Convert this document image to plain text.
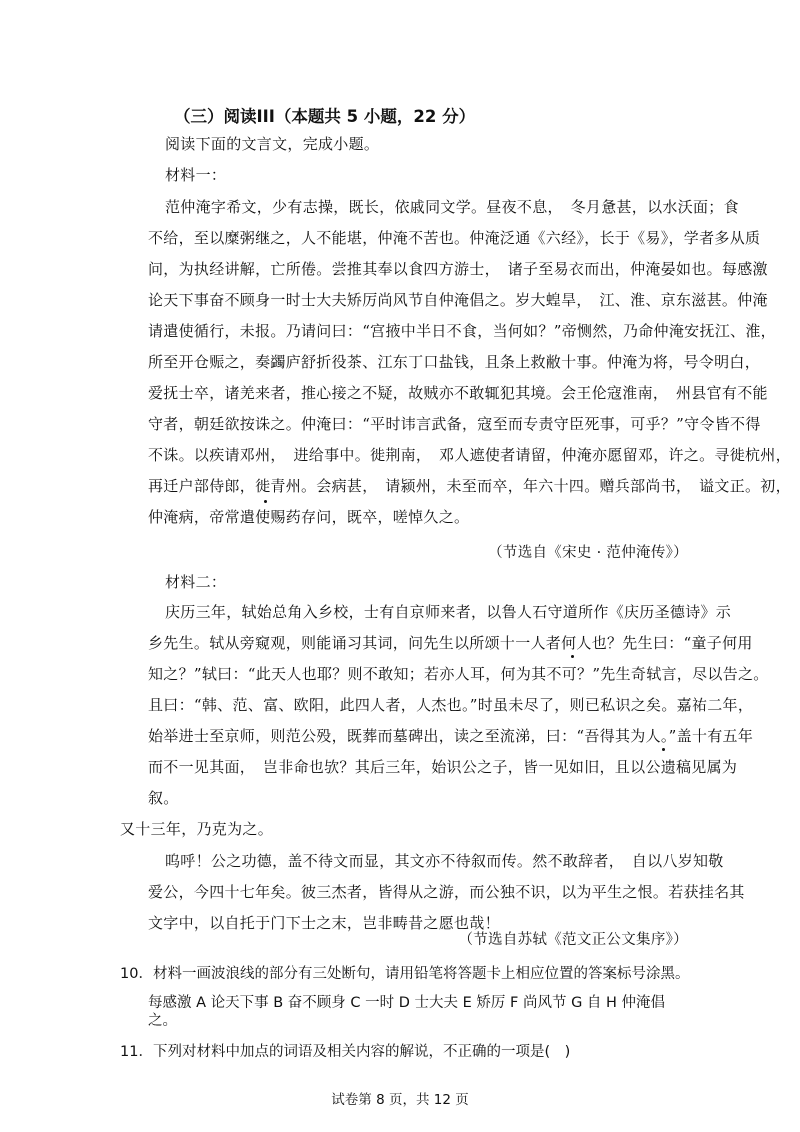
（三）阅读III（本题共 5 小题，22 分）
阅读下面的文言文，完成小题。
材料一：
范仲淹字希文，少有志操，既长，依戚同文学。昼夜不息，　冬月惫甚，以水沃面；食
不给，至以糜粥继之，人不能堪，仲淹不苦也。仲淹泛通《六经》，长于《易》，学者多从质
问，为执经讲解，亡所倦。尝推其奉以食四方游士，　诸子至易衣而出，仲淹晏如也。每感激
论天下事奋不顾身一时士大夫矫厉尚风节自仲淹倡之。岁大蝗旱，　江、淮、京东滋甚。仲淹
请遣使循行，未报。乃请问曰：“宫掖中半日不食，当何如？”帝恻然，乃命仲淹安抚江、淮，
所至开仓赈之，奏蠲庐舒折役茶、江东丁口盐钱，且条上救敝十事。仲淹为将，号令明白，
爱抚士卒，诸羌来者，推心接之不疑，故贼亦不敢辄犯其境。会王伦寇淮南，　州县官有不能
守者，朝廷欲按诛之。仲淹曰：“平时讳言武备，寇至而专责守臣死事，可乎？”守令皆不得
不诛。以疾请邓州，　进给事中。徙荆南，　邓人遮使者请留，仲淹亦愿留邓，许之。寻徙杭州，
再迁户部侍郎，徙青州。会病甚，　请颍州，未至而卒，年六十四。赠兵部尚书，　谥文正。初，
仲淹病，帝常遣使赐药存问，既卒，嗟悼久之。
（节选自《宋史 · 范仲淹传》）
材料二：
庆历三年，轼始总角入乡校，士有自京师来者，以鲁人石守道所作《庆历圣德诗》示
乡先生。轼从旁窥观，则能诵习其词，问先生以所颂十一人者何人也？先生曰：“童子何用
知之？”轼曰：“此天人也耶？则不敢知；若亦人耳，何为其不可？”先生奇轼言，尽以告之。
且曰：“韩、范、富、欧阳，此四人者，人杰也。”时虽未尽了，则已私识之矣。嘉祐二年，
始举进士至京师，则范公殁，既葬而墓碑出，读之至流涕，曰：“吾得其为人。”盖十有五年
而不一见其面，　岂非命也欤？其后三年，始识公之子，皆一见如旧，且以公遗稿见属为
叙。
又十三年，乃克为之。
呜呼！公之功德，盖不待文而显，其文亦不待叙而传。然不敢辞者，　自以八岁知敬
爱公，今四十七年矣。彼三杰者，皆得从之游，而公独不识，以为平生之恨。若获挂名其
文字中，以自托于门下士之末，岂非畴昔之愿也哉！
（节选自苏轼《范文正公文集序》）
10．材料一画波浪线的部分有三处断句，请用铅笔将答题卡上相应位置的答案标号涂黑。
每感激 A 论天下事 B 奋不顾身 C 一时 D 士大夫 E 矫厉 F 尚风节 G 自 H 仲淹倡
之。
11．下列对材料中加点的词语及相关内容的解说，不正确的一项是(　)
试卷第 8 页，共 12 页
